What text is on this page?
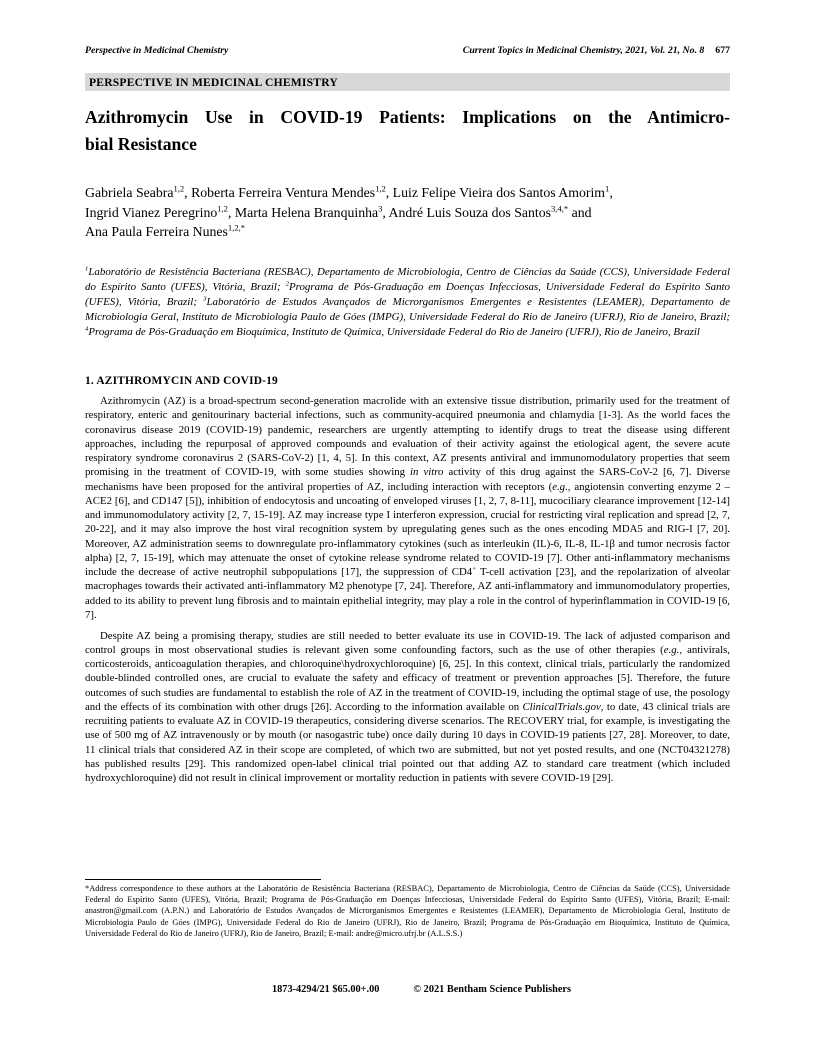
Perspective in Medicinal Chemistry	Current Topics in Medicinal Chemistry, 2021, Vol. 21, No. 8 677
PERSPECTIVE IN MEDICINAL CHEMISTRY
Azithromycin Use in COVID-19 Patients: Implications on the Antimicro-
bial Resistance
Gabriela Seabra$^{1,2}$, Roberta Ferreira Ventura Mendes$^{1,2}$, Luiz Felipe Vieira dos Santos Amorim$^1$,
Ingrid Vianez Peregrino$^{1,2}$, Marta Helena Branquinha$^3$, André Luis Souza dos Santos$^{3,4,*}$ and
Ana Paula Ferreira Nunes$^{1,2,*}$
$^1$Laboratório de Resistência Bacteriana (RESBAC), Departamento de Microbiologia, Centro de Ciências da Saúde (CCS), Universidade Federal do Espírito Santo (UFES), Vitória, Brazil; $^2$Programa de Pós-Graduação em Doenças Infecciosas, Universidade Federal do Espírito Santo (UFES), Vitória, Brazil; $^3$Laboratório de Estudos Avançados de Microrganismos Emergentes e Resistentes (LEAMER), Departamento de Microbiologia Geral, Instituto de Microbiologia Paulo de Góes (IMPG), Universidade Federal do Rio de Janeiro (UFRJ), Rio de Janeiro, Brazil; $^4$Programa de Pós-Graduação em Bioquímica, Instituto de Química, Universidade Federal do Rio de Janeiro (UFRJ), Rio de Janeiro, Brazil
1. AZITHROMYCIN AND COVID-19

Azithromycin (AZ) is a broad-spectrum second-generation macrolide with an extensive tissue distribution, primarily used for the treatment of respiratory, enteric and genitourinary bacterial infections, such as community-acquired pneumonia and chlamydia [1-3]. As the world faces the coronavirus disease 2019 (COVID-19) pandemic, researchers are urgently attempting to identify drugs to treat the disease using different approaches, including the repurposal of approved compounds and evaluation of their activity against the etiological agent, the severe acute respiratory syndrome coronavirus 2 (SARS-CoV-2) [1, 4, 5]. In this context, AZ presents antiviral and immunomodulatory properties that seem promising in the treatment of COVID-19, with some studies showing in vitro activity of this drug against the SARS-CoV-2 [6, 7]. Diverse mechanisms have been proposed for the antiviral properties of AZ, including interaction with receptors (e.g., angiotensin converting enzyme 2 – ACE2 [6], and CD147 [5]), inhibition of endocytosis and uncoating of enveloped viruses [1, 2, 7, 8-11], mucociliary clearance improvement [12-14] and immunomodulatory activity [2, 7, 15-19]. AZ may increase type I interferon expression, crucial for restricting viral replication and spread [2, 7, 20-22], and it may also improve the host viral recognition system by upregulating genes such as the ones encoding MDA5 and RIG-I [7, 20]. Moreover, AZ administration seems to downregulate pro-inflammatory cytokines (such as interleukin (IL)-6, IL-8, IL-1β and tumor necrosis factor alpha) [2, 7, 15-19], which may attenuate the onset of cytokine release syndrome related to COVID-19 [7]. Other anti-inflammatory mechanisms include the decrease of active neutrophil subpopulations [17], the suppression of CD4+ T-cell activation [23], and the repolarization of alveolar macrophages towards their activated anti-inflammatory M2 phenotype [7, 24]. Therefore, AZ anti-inflammatory and immunomodulatory properties, added to its ability to prevent lung fibrosis and to maintain epithelial integrity, may play a role in the control of hyperinflammation in COVID-19 [6, 7].

Despite AZ being a promising therapy, studies are still needed to better evaluate its use in COVID-19. The lack of adjusted comparison and control groups in most observational studies is relevant given some confounding factors, such as the use of other therapies (e.g., antivirals, corticosteroids, anticoagulation therapies, and chloroquine\hydroxychloroquine) [6, 25]. In this context, clinical trials, particularly the randomized double-blinded controlled ones, are crucial to evaluate the safety and efficacy of treatment or prevention approaches [5]. Therefore, the future outcomes of such studies are fundamental to establish the role of AZ in the treatment of COVID-19, including the optimal stage of use, the posology and the effects of its combination with other drugs [26]. According to the information available on ClinicalTrials.gov, to date, 43 clinical trials are recruiting patients to evaluate AZ in COVID-19 therapeutics, considering diverse scenarios. The RECOVERY trial, for example, is investigating the use of 500 mg of AZ intravenously or by mouth (or nasogastric tube) once daily during 10 days in COVID-19 patients [27, 28]. Moreover, to date, 11 clinical trials that considered AZ in their scope are completed, of which two are submitted, but not yet posted results, and one (NCT04321278) has published results [29]. This randomized open-label clinical trial pointed out that adding AZ to standard care treatment (which included hydroxychloroquine) did not result in clinical improvement or mortality reduction in patients with severe COVID-19 [29].

*Address correspondence to these authors at the Laboratório de Resistência Bacteriana (RESBAC), Departamento de Microbiologia, Centro de Ciências da Saúde (CCS), Universidade Federal do Espírito Santo (UFES), Vitória, Brazil; Programa de Pós-Graduação em Doenças Infecciosas, Universidade Federal do Espírito Santo (UFES), Vitória, Brazil; E-mail: anastron@gmail.com (A.P.N.) and Laboratório de Estudos Avançados de Microrganismos Emergentes e Resistentes (LEAMER), Departamento de Microbiologia Geral, Instituto de Microbiologia Paulo de Góes (IMPG), Universidade Federal do Rio de Janeiro (UFRJ), Rio de Janeiro, Brazil; Programa de Pós-Graduação em Bioquímica, Instituto de Química, Universidade Federal do Rio de Janeiro (UFRJ), Rio de Janeiro, Brazil; E-mail: andre@micro.ufrj.br (A.L.S.S.)
1873-4294/21 $65.00+.00	© 2021 Bentham Science Publishers
